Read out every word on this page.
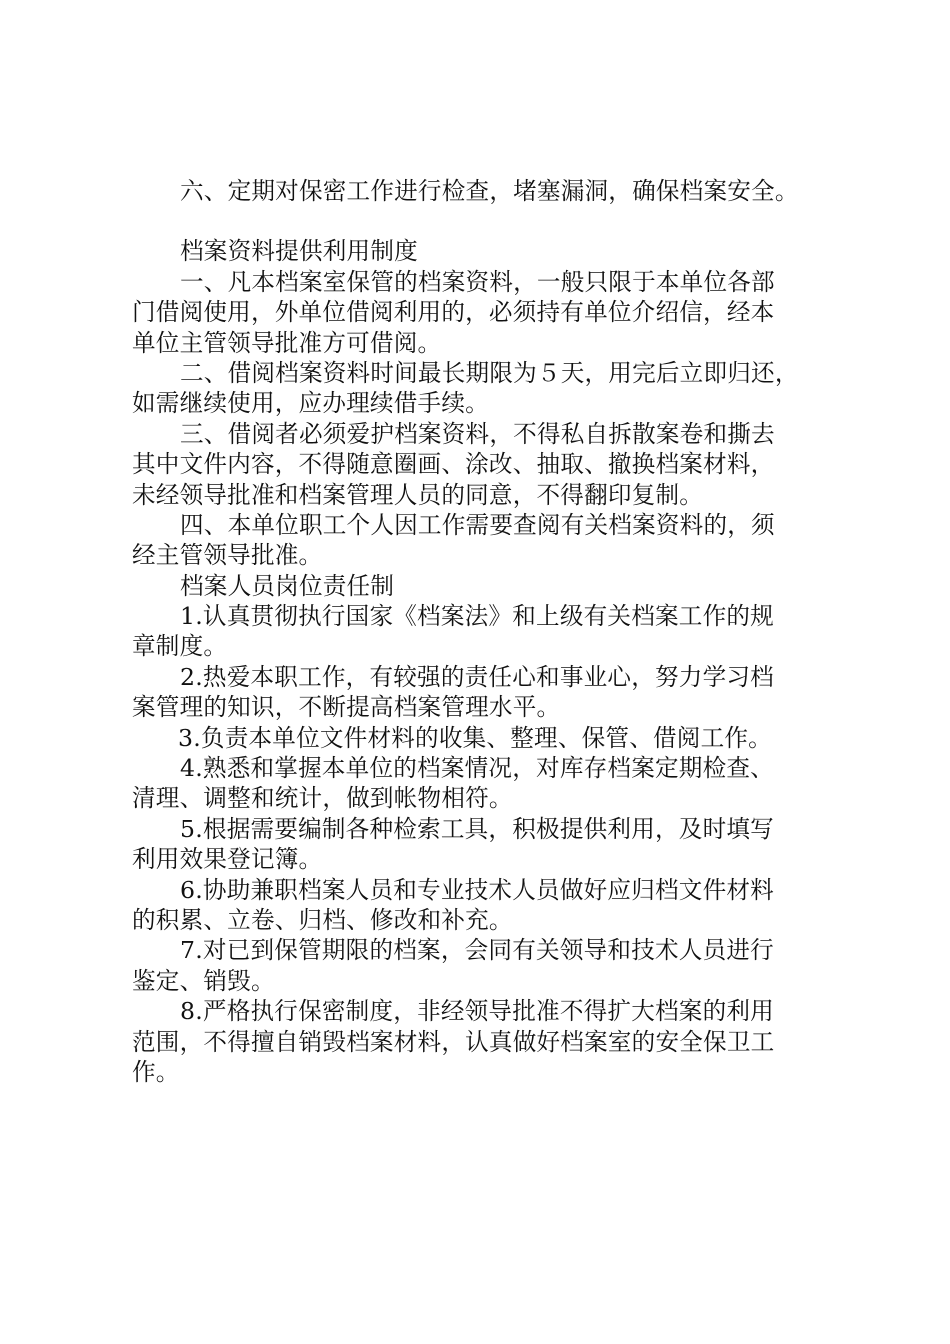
六、定期对保密工作进行检查，堵塞漏洞，确保档案安全。
档案资料提供利用制度
一、凡本档案室保管的档案资料，一般只限于本单位各部
门借阅使用，外单位借阅利用的，必须持有单位介绍信，经本
单位主管领导批准方可借阅。
二、借阅档案资料时间最长期限为５天，用完后立即归还，
如需继续使用，应办理续借手续。
三、借阅者必须爱护档案资料，不得私自拆散案卷和撕去
其中文件内容，不得随意圈画、涂改、抽取、撤换档案材料，
未经领导批准和档案管理人员的同意，不得翻印复制。
四、本单位职工个人因工作需要查阅有关档案资料的，须
经主管领导批准。
档案人员岗位责任制
1.认真贯彻执行国家《档案法》和上级有关档案工作的规
章制度。
2.热爱本职工作，有较强的责任心和事业心，努力学习档
案管理的知识，不断提高档案管理水平。
3.负责本单位文件材料的收集、整理、保管、借阅工作。
4.熟悉和掌握本单位的档案情况，对库存档案定期检查、
清理、调整和统计，做到帐物相符。
5.根据需要编制各种检索工具，积极提供利用，及时填写
利用效果登记簿。
6.协助兼职档案人员和专业技术人员做好应归档文件材料
的积累、立卷、归档、修改和补充。
7.对已到保管期限的档案，会同有关领导和技术人员进行
鉴定、销毁。
8.严格执行保密制度，非经领导批准不得扩大档案的利用
范围，不得擅自销毁档案材料，认真做好档案室的安全保卫工
作。
